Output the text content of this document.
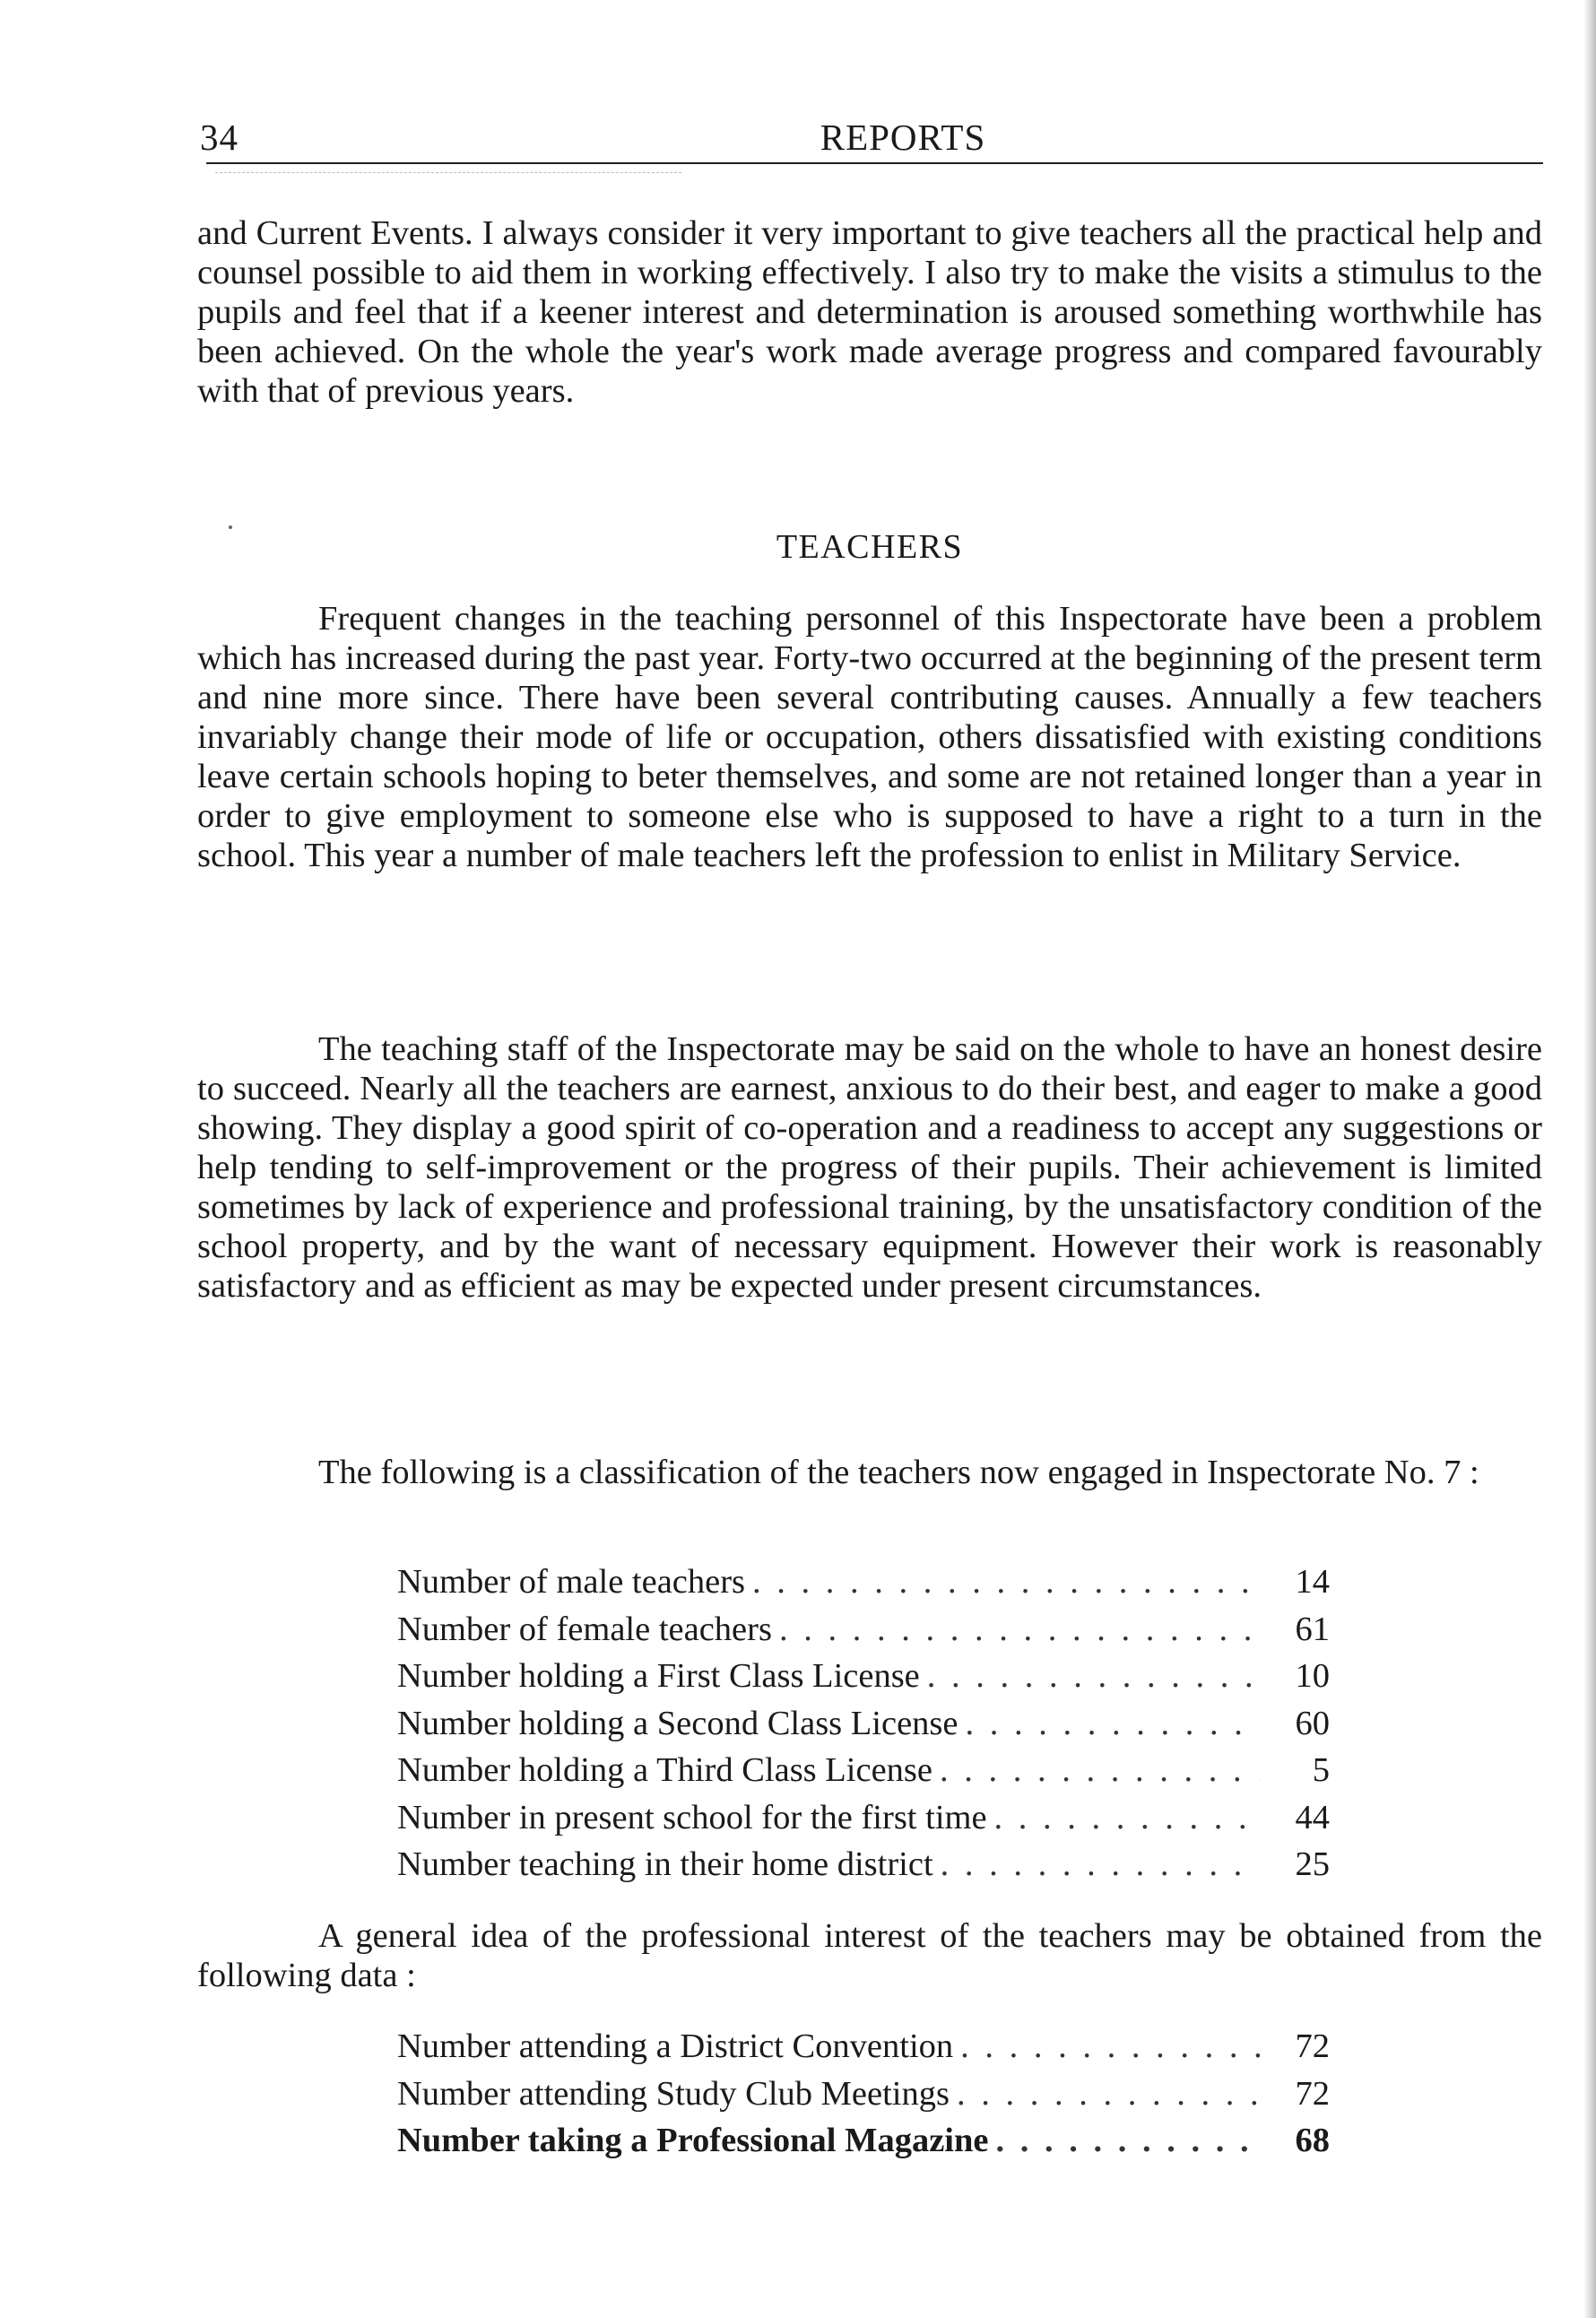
34	REPORTS

and Current Events. I always consider it very important to give teachers all the practical help and counsel possible to aid them in working effectively. I also try to make the visits a stimulus to the pupils and feel that if a keener interest and determination is aroused something worthwhile has been achieved. On the whole the year's work made average progress and compared favourably with that of previous years.

TEACHERS

Frequent changes in the teaching personnel of this Inspectorate have been a problem which has increased during the past year. Forty-two occurred at the beginning of the present term and nine more since. There have been several contributing causes. Annually a few teachers invariably change their mode of life or occupation, others dissatisfied with existing conditions leave certain schools hoping to beter themselves, and some are not retained longer than a year in order to give employment to someone else who is supposed to have a right to a turn in the school. This year a number of male teachers left the profession to enlist in Military Service.

The teaching staff of the Inspectorate may be said on the whole to have an honest desire to succeed. Nearly all the teachers are earnest, anxious to do their best, and eager to make a good showing. They display a good spirit of co-operation and a readiness to accept any suggestions or help tending to self-improvement or the progress of their pupils. Their achievement is limited sometimes by lack of experience and professional training, by the unsatisfactory condition of the school property, and by the want of necessary equipment. However their work is reasonably satisfactory and as efficient as may be expected under present circumstances.

The following is a classification of the teachers now engaged in Inspectorate No. 7 :

Number of male teachers . . .	14
Number of female teachers . . .	61
Number holding a First Class License . . .	10
Number holding a Second Class License . . .	60
Number holding a Third Class License . . .	5
Number in present school for the first time . . .	44
Number teaching in their home district . . .	25

A general idea of the professional interest of the teachers may be obtained from the following data :

Number attending a District Convention . . .	72
Number attending Study Club Meetings . . .	72
Number taking a Professional Magazine . . .	68
